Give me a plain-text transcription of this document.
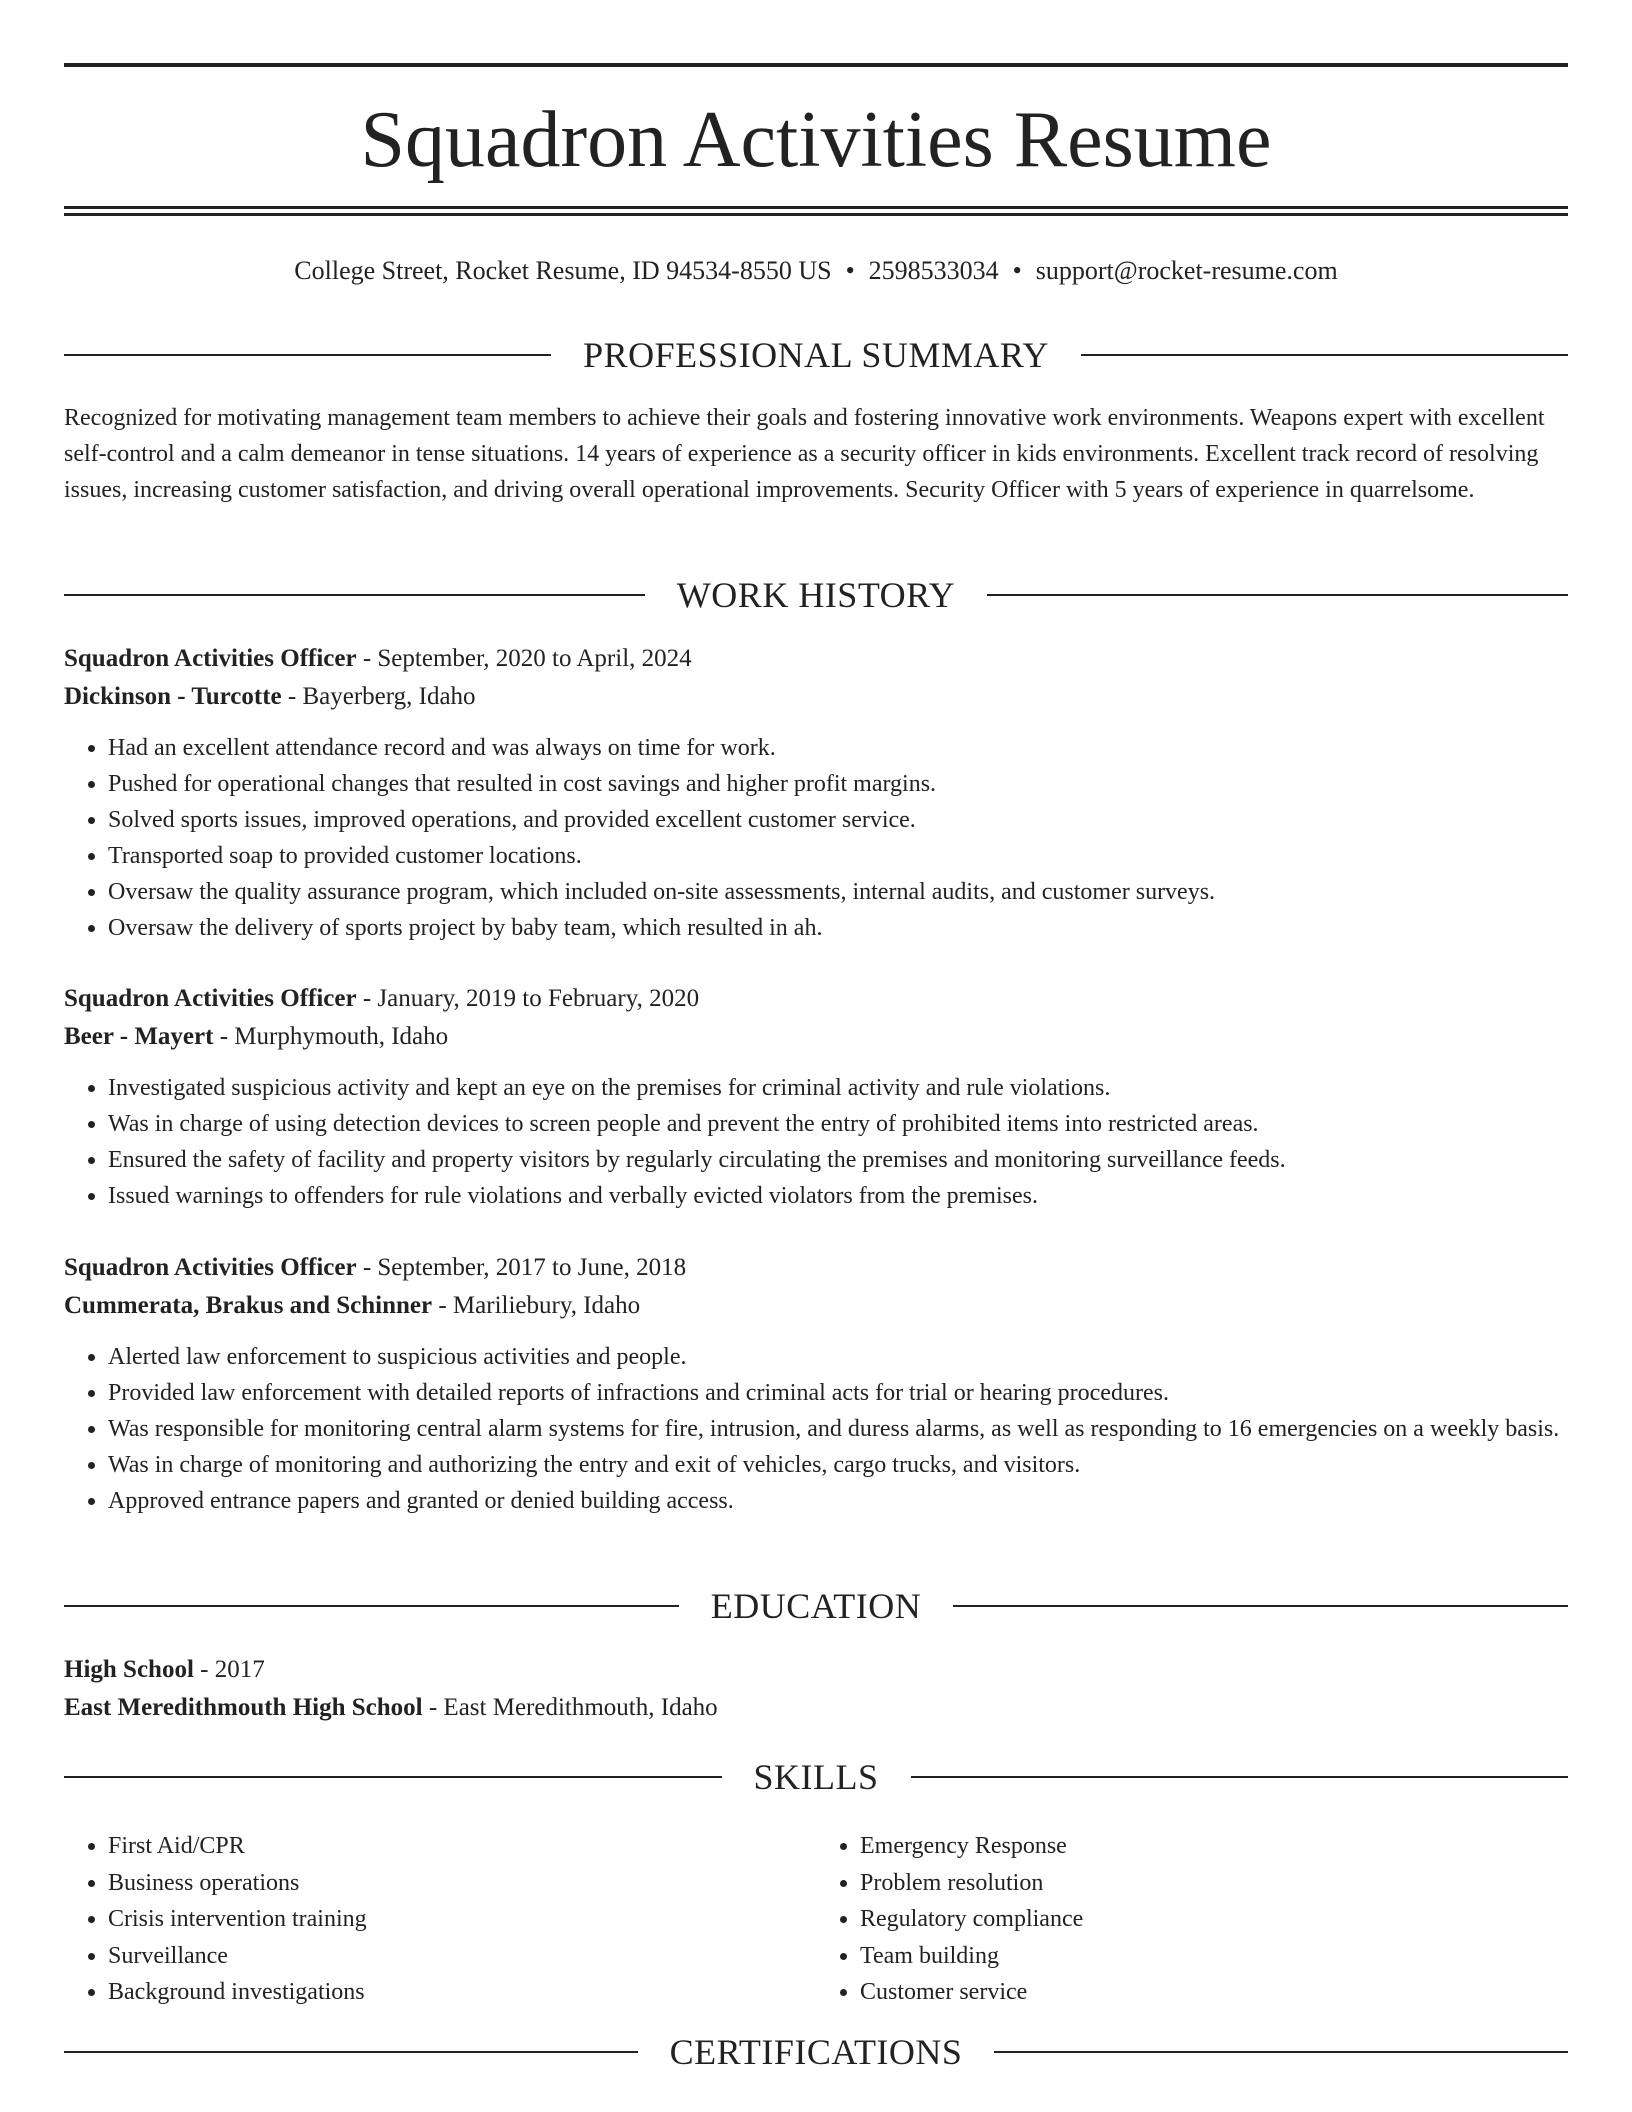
Squadron Activities Resume
College Street, Rocket Resume, ID 94534-8550 US • 2598533034 • support@rocket-resume.com
PROFESSIONAL SUMMARY
Recognized for motivating management team members to achieve their goals and fostering innovative work environments. Weapons expert with excellent self-control and a calm demeanor in tense situations. 14 years of experience as a security officer in kids environments. Excellent track record of resolving issues, increasing customer satisfaction, and driving overall operational improvements. Security Officer with 5 years of experience in quarrelsome.
WORK HISTORY
Squadron Activities Officer - September, 2020 to April, 2024
Dickinson - Turcotte - Bayerberg, Idaho
• Had an excellent attendance record and was always on time for work.
• Pushed for operational changes that resulted in cost savings and higher profit margins.
• Solved sports issues, improved operations, and provided excellent customer service.
• Transported soap to provided customer locations.
• Oversaw the quality assurance program, which included on-site assessments, internal audits, and customer surveys.
• Oversaw the delivery of sports project by baby team, which resulted in ah.
Squadron Activities Officer - January, 2019 to February, 2020
Beer - Mayert - Murphymouth, Idaho
• Investigated suspicious activity and kept an eye on the premises for criminal activity and rule violations.
• Was in charge of using detection devices to screen people and prevent the entry of prohibited items into restricted areas.
• Ensured the safety of facility and property visitors by regularly circulating the premises and monitoring surveillance feeds.
• Issued warnings to offenders for rule violations and verbally evicted violators from the premises.
Squadron Activities Officer - September, 2017 to June, 2018
Cummerata, Brakus and Schinner - Mariliebury, Idaho
• Alerted law enforcement to suspicious activities and people.
• Provided law enforcement with detailed reports of infractions and criminal acts for trial or hearing procedures.
• Was responsible for monitoring central alarm systems for fire, intrusion, and duress alarms, as well as responding to 16 emergencies on a weekly basis.
• Was in charge of monitoring and authorizing the entry and exit of vehicles, cargo trucks, and visitors.
• Approved entrance papers and granted or denied building access.
EDUCATION
High School - 2017
East Meredithmouth High School - East Meredithmouth, Idaho
SKILLS
• First Aid/CPR
• Business operations
• Crisis intervention training
• Surveillance
• Background investigations
• Emergency Response
• Problem resolution
• Regulatory compliance
• Team building
• Customer service
CERTIFICATIONS
